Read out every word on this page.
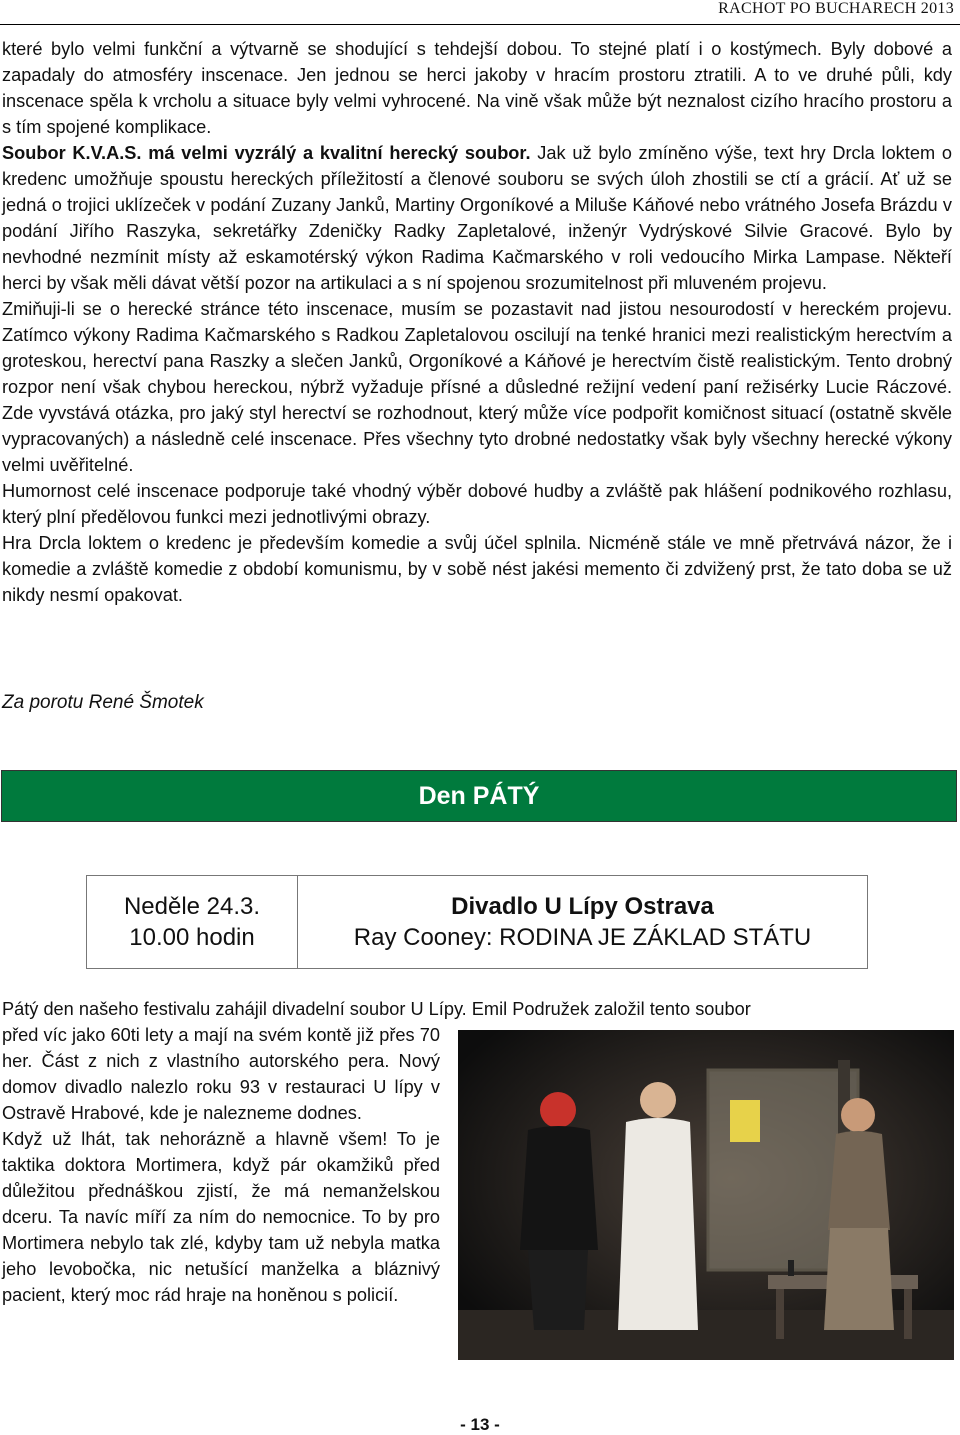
RACHOT PO BUCHARECH 2013

které bylo velmi funkční a výtvarně se shodující s tehdejší dobou. To stejné platí i o kostýmech. Byly dobové a zapadaly do atmosféry inscenace. Jen jednou se herci jakoby v hracím prostoru ztratili. A to ve druhé půli, kdy inscenace spěla k vrcholu a situace byly velmi vyhrocené. Na vině však může být neznalost cizího hracího prostoru a s tím spojené komplikace.
Soubor K.V.A.S. má velmi vyzrálý a kvalitní herecký soubor. Jak už bylo zmíněno výše, text hry Drcla loktem o kredenc umožňuje spoustu hereckých příležitostí a členové souboru se svých úloh zhostili se ctí a grácií. Ať už se jedná o trojici uklízeček v podání Zuzany Janků, Martiny Orgoníkové a Miluše Káňové nebo vrátného Josefa Brázdu v podání Jiřího Raszyka, sekretářky Zdeničky Radky Zapletalové, inženýr Vydrýskové Silvie Gracové. Bylo by nevhodné nezmínit místy až eskamotérský výkon Radima Kačmarského v roli vedoucího Mirka Lampase. Někteří herci by však měli dávat větší pozor na artikulaci a s ní spojenou srozumitelnost při mluveném projevu.

Zmiňuji-li se o herecké stránce této inscenace, musím se pozastavit nad jistou nesourodostí v hereckém projevu. Zatímco výkony Radima Kačmarského s Radkou Zapletalovou oscilují na tenké hranici mezi realistickým herectvím a groteskou, herectví pana Raszky a slečen Janků, Orgoníkové a Káňové je herectvím čistě realistickým. Tento drobný rozpor není však chybou hereckou, nýbrž vyžaduje přísné a důsledné režijní vedení paní režisérky Lucie Ráczové. Zde vyvstává otázka, pro jaký styl herectví se rozhodnout, který může více podpořit komičnost situací (ostatně skvěle vypracovaných) a následně celé inscenace. Přes všechny tyto drobné nedostatky však byly všechny herecké výkony velmi uvěřitelné.

Humornost celé inscenace podporuje také vhodný výběr dobové hudby a zvláště pak hlášení podnikového rozhlasu, který plní předělovou funkci mezi jednotlivými obrazy.

Hra Drcla loktem o kredenc je především komedie a svůj účel splnila. Nicméně stále ve mně přetrvává názor, že i komedie a zvláště komedie z období komunismu, by v sobě nést jakési memento či zdvižený prst, že tato doba se už nikdy nesmí opakovat.

Za porotu René Šmotek
Den PÁTÝ
Neděle 24.3.
10.00 hodin
Divadlo U Lípy Ostrava
Ray Cooney: RODINA JE ZÁKLAD STÁTU
Pátý den našeho festivalu zahájil divadelní soubor U Lípy. Emil Podružek založil tento soubor

před víc jako 60ti lety a mají na svém kontě již přes 70 her. Část z nich z vlastního autorského pera. Nový domov divadlo nalezlo roku 93 v restauraci U lípy v Ostravě Hrabové, kde je nalezneme dodnes.

Když už lhát, tak nehorázně a hlavně všem! To je taktika doktora Mortimera, když pár okamžiků před důležitou přednáškou zjistí, že má nemanželskou dceru. Ta navíc míří za ním do nemocnice. To by pro Mortimera nebylo tak zlé, kdyby tam už nebyla matka jeho levobočka, nic netušící manželka a bláznivý pacient, který moc rád hraje na honěnou s policií.

- 13 -
